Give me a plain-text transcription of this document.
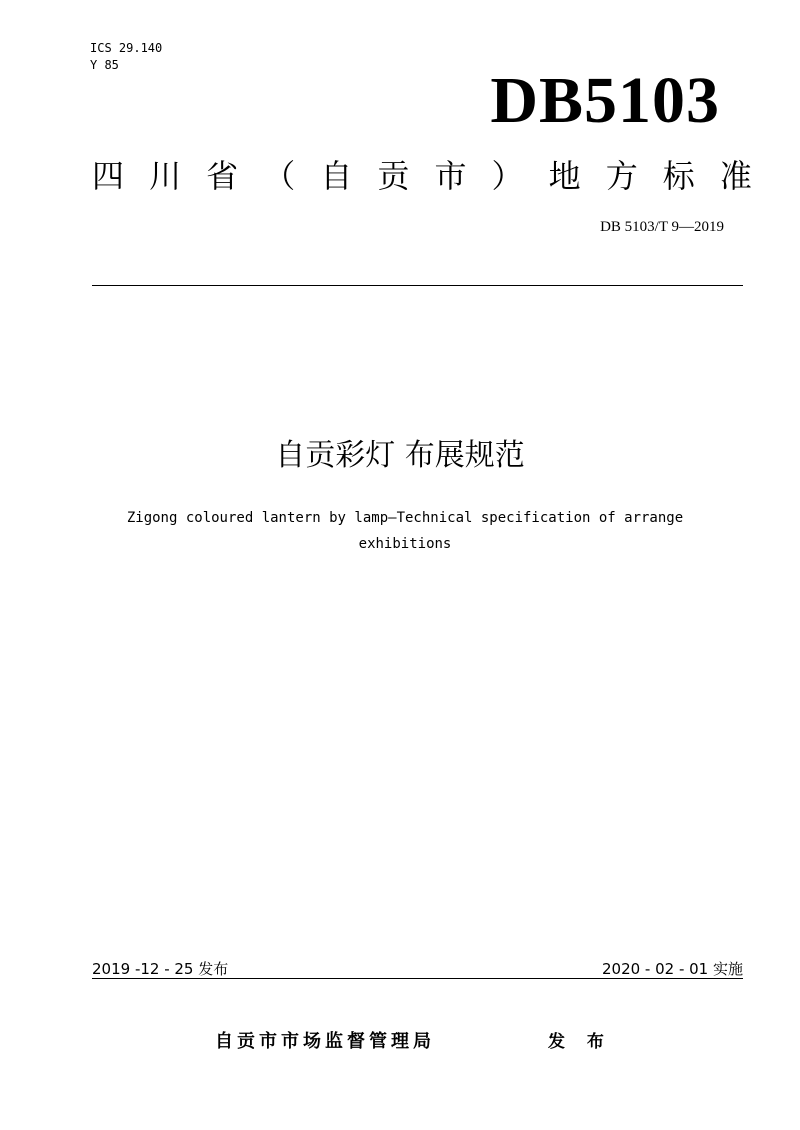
ICS 29.140
Y 85	DB5103
四 川 省 （ 自 贡 市 ） 地 方 标 准
DB 5103/T 9—2019
自贡彩灯 布展规范
Zigong coloured lantern by lamp—Technical specification of arrange
exhibitions
2019 -12 - 25 发布	2020 - 02 - 01 实施
自贡市市场监督管理局	发 布
